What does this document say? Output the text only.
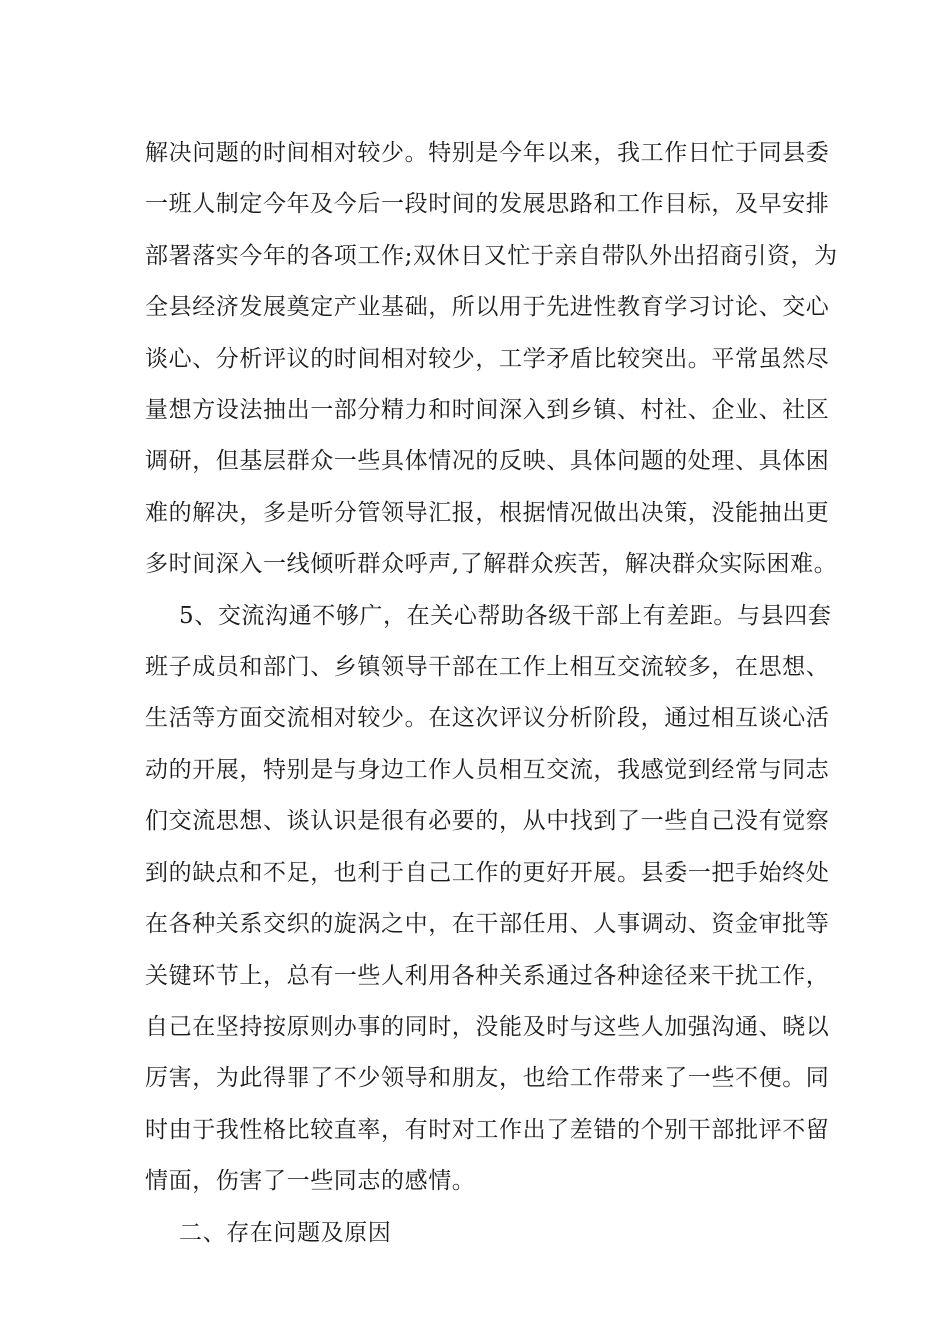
解决问题的时间相对较少。特别是今年以来，我工作日忙于同县委
一班人制定今年及今后一段时间的发展思路和工作目标，及早安排
部署落实今年的各项工作;双休日又忙于亲自带队外出招商引资，为
全县经济发展奠定产业基础，所以用于先进性教育学习讨论、交心
谈心、分析评议的时间相对较少，工学矛盾比较突出。平常虽然尽
量想方设法抽出一部分精力和时间深入到乡镇、村社、企业、社区
调研，但基层群众一些具体情况的反映、具体问题的处理、具体困
难的解决，多是听分管领导汇报，根据情况做出决策，没能抽出更
多时间深入一线倾听群众呼声,了解群众疾苦，解决群众实际困难。

5、交流沟通不够广，在关心帮助各级干部上有差距。与县四套
班子成员和部门、乡镇领导干部在工作上相互交流较多，在思想、
生活等方面交流相对较少。在这次评议分析阶段，通过相互谈心活
动的开展，特别是与身边工作人员相互交流，我感觉到经常与同志
们交流思想、谈认识是很有必要的，从中找到了一些自己没有觉察
到的缺点和不足，也利于自己工作的更好开展。县委一把手始终处
在各种关系交织的旋涡之中，在干部任用、人事调动、资金审批等
关键环节上，总有一些人利用各种关系通过各种途径来干扰工作，
自己在坚持按原则办事的同时，没能及时与这些人加强沟通、晓以
厉害，为此得罪了不少领导和朋友，也给工作带来了一些不便。同
时由于我性格比较直率，有时对工作出了差错的个别干部批评不留
情面，伤害了一些同志的感情。

二、存在问题及原因
